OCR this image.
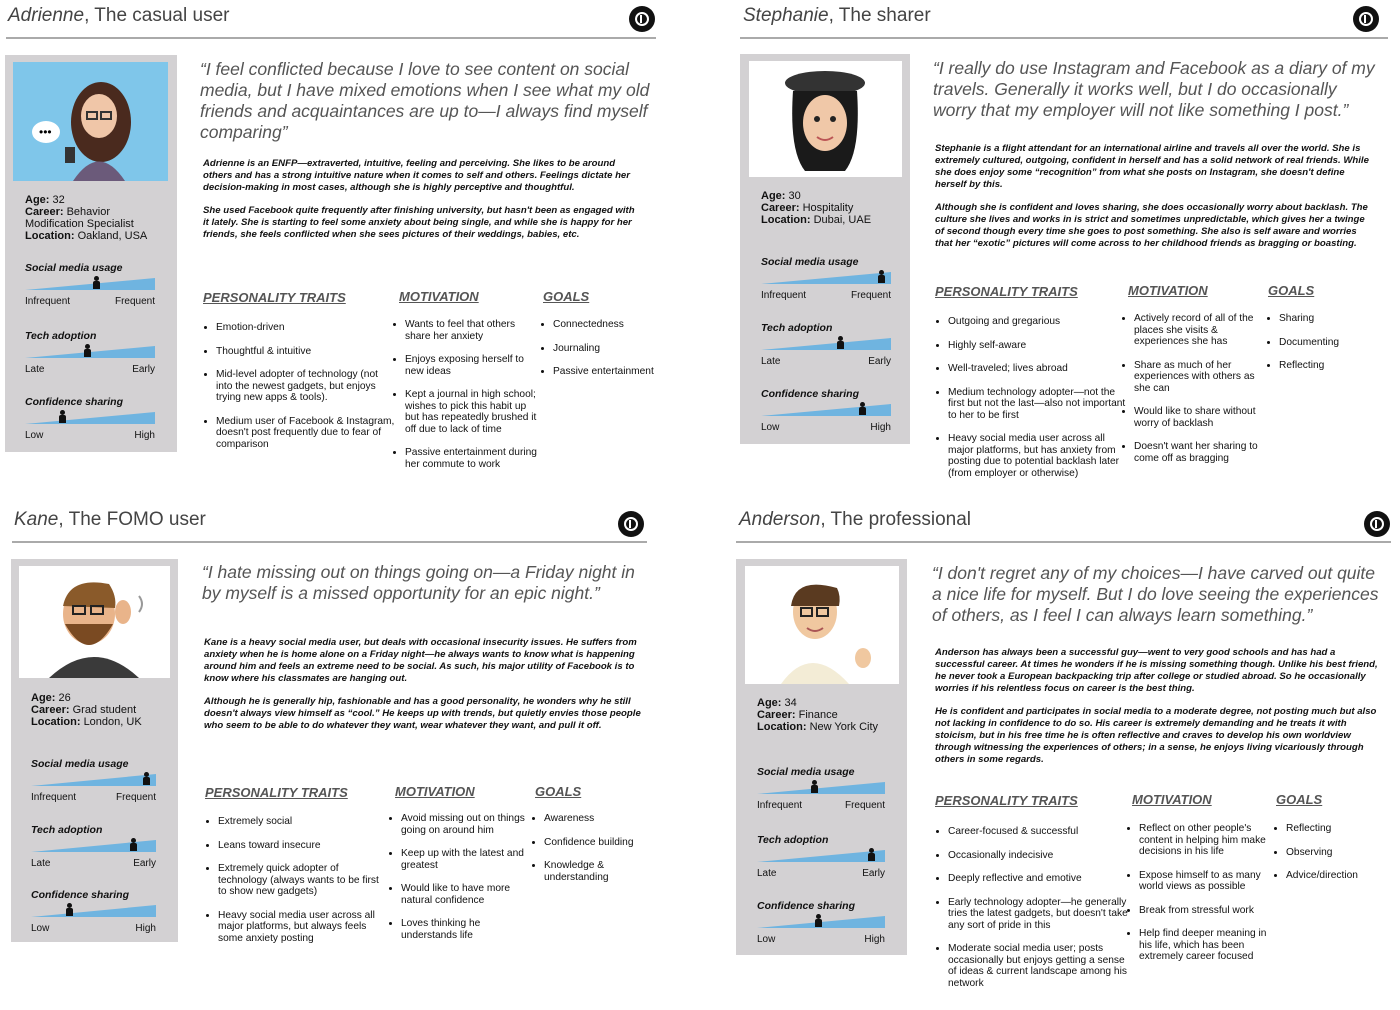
Adrienne, The casual user
•••
Age: 32
Career: Behavior Modification Specialist
Location: Oakland, USA
Social media usage
Infrequent	Frequent
Tech adoption
Late	Early
Confidence sharing
Low	High
“I feel conflicted because I love to see content on social media, but I have mixed emotions when I see what my old friends and acquaintances are up to—I always find myself comparing”

Adrienne is an ENFP—extraverted, intuitive, feeling and perceiving. She likes to be around others and has a strong intuitive nature when it comes to self and others. Feelings dictate her decision-making in most cases, although she is highly perceptive and thoughtful.

She used Facebook quite frequently after finishing university, but hasn't been as engaged with it lately. She is starting to feel some anxiety about being single, and while she is happy for her friends, she feels conflicted when she sees pictures of their weddings, babies, etc.

PERSONALITY TRAITS	MOTIVATION	GOALS
• Emotion-driven
• Thoughtful & intuitive
• Mid-level adopter of technology (not into the newest gadgets, but enjoys trying new apps & tools).
• Medium user of Facebook & Instagram, doesn't post frequently due to fear of comparison
• Wants to feel that others share her anxiety
• Enjoys exposing herself to new ideas
• Kept a journal in high school; wishes to pick this habit up but has repeatedly brushed it off due to lack of time
• Passive entertainment during her commute to work
• Connectedness
• Journaling
• Passive entertainment
Stephanie, The sharer
Age: 30
Career: Hospitality
Location: Dubai, UAE
Social media usage
Infrequent	Frequent
Tech adoption
Late	Early
Confidence sharing
Low	High
“I really do use Instagram and Facebook as a diary of my travels. Generally it works well, but I do occasionally worry that my employer will not like something I post.”

Stephanie is a flight attendant for an international airline and travels all over the world. She is extremely cultured, outgoing, confident in herself and has a solid network of real friends. While she does enjoy some “recognition” from what she posts on Instagram, she doesn't define herself by this.

Although she is confident and loves sharing, she does occasionally worry about backlash. The culture she lives and works in is strict and sometimes unpredictable, which gives her a twinge of second though every time she goes to post something. She also is self aware and worries that her “exotic” pictures will come across to her childhood friends as bragging or boasting.

PERSONALITY TRAITS	MOTIVATION	GOALS
• Outgoing and gregarious
• Highly self-aware
• Well-traveled; lives abroad
• Medium technology adopter—not the first but not the last—also not important to her to be first
• Heavy social media user across all major platforms, but has anxiety from posting due to potential backlash later (from employer or otherwise)
• Actively record of all of the places she visits & experiences she has
• Share as much of her experiences with others as she can
• Would like to share without worry of backlash
• Doesn't want her sharing to come off as bragging
• Sharing
• Documenting
• Reflecting
Kane, The FOMO user
Age: 26
Career: Grad student
Location: London, UK
Social media usage
Infrequent	Frequent
Tech adoption
Late	Early
Confidence sharing
Low	High
“I hate missing out on things going on—a Friday night in by myself is a missed opportunity for an epic night.”

Kane is a heavy social media user, but deals with occasional insecurity issues. He suffers from anxiety when he is home alone on a Friday night—he always wants to know what is happening around him and feels an extreme need to be social. As such, his major utility of Facebook is to know where his classmates are hanging out.

Although he is generally hip, fashionable and has a good personality, he wonders why he still doesn't always view himself as “cool.” He keeps up with trends, but quietly envies those people who seem to be able to do whatever they want, wear whatever they want, and pull it off.

PERSONALITY TRAITS	MOTIVATION	GOALS
• Extremely social
• Leans toward insecure
• Extremely quick adopter of technology (always wants to be first to show new gadgets)
• Heavy social media user across all major platforms, but always feels some anxiety posting
• Avoid missing out on things going on around him
• Keep up with the latest and greatest
• Would like to have more natural confidence
• Loves thinking he understands life
• Awareness
• Confidence building
• Knowledge & understanding
Anderson, The professional
Age: 34
Career: Finance
Location: New York City
Social media usage
Infrequent	Frequent
Tech adoption
Late	Early
Confidence sharing
Low	High
“I don't regret any of my choices—I have carved out quite a nice life for myself. But I do love seeing the experiences of others, as I feel I can always learn something.”

Anderson has always been a successful guy—went to very good schools and has had a successful career. At times he wonders if he is missing something though. Unlike his best friend, he never took a European backpacking trip after college or studied abroad. So he occasionally worries if his relentless focus on career is the best thing.

He is confident and participates in social media to a moderate degree, not posting much but also not lacking in confidence to do so. His career is extremely demanding and he treats it with stoicism, but in his free time he is often reflective and craves to develop his own worldview through witnessing the experiences of others; in a sense, he enjoys living vicariously through others in some regards.

PERSONALITY TRAITS	MOTIVATION	GOALS
• Career-focused & successful
• Occasionally indecisive
• Deeply reflective and emotive
• Early technology adopter—he generally tries the latest gadgets, but doesn't take any sort of pride in this
• Moderate social media user; posts occasionally but enjoys getting a sense of ideas & current landscape among his network
• Reflect on other people's content in helping him make decisions in his life
• Expose himself to as many world views as possible
• Break from stressful work
• Help find deeper meaning in his life, which has been extremely career focused
• Reflecting
• Observing
• Advice/direction
